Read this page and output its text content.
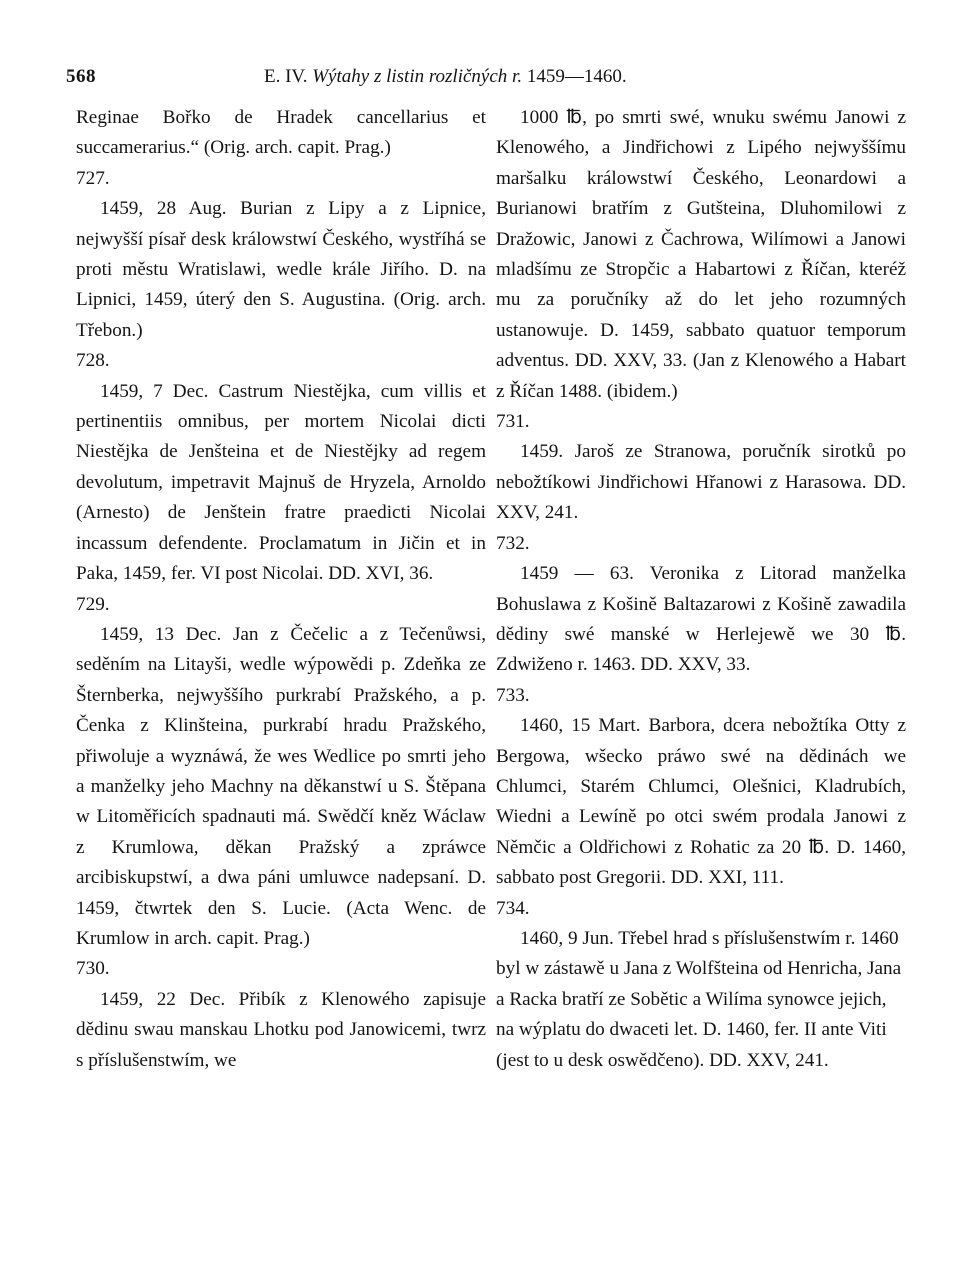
568	E. IV. Wýtahy z listin rozličných r. 1459—1460.

Reginae Bořko de Hradek cancellarius et succamerarius.“ (Orig. arch. capit. Prag.)

727.

1459, 28 Aug. Burian z Lipy a z Lipnice, nejwyšší písař desk králowstwí Českého, wystříhá se proti městu Wratislawi, wedle krále Jiřího. D. na Lipnici, 1459, úterý den S. Augustina. (Orig. arch. Třebon.)

728.

1459, 7 Dec. Castrum Niestějka, cum villis et pertinentiis omnibus, per mortem Nicolai dicti Niestějka de Jenšteina et de Niestějky ad regem devolutum, impetravit Majnuš de Hryzela, Arnoldo (Arnesto) de Jenštein fratre praedicti Nicolai incassum defendente. Proclamatum in Jičin et in Paka, 1459, fer. VI post Nicolai. DD. XVI, 36.

729.

1459, 13 Dec. Jan z Čečelic a z Tečenůwsi, seděním na Litayši, wedle wýpowědi p. Zdeňka ze Šternberka, nejwyššího purkrabí Pražského, a p. Čenka z Klinšteina, purkrabí hradu Pražského, přiwoluje a wyznáwá, že wes Wedlice po smrti jeho a manželky jeho Machny na děkanstwí u S. Štěpana w Litoměřicích spadnauti má. Swědčí kněz Wáclaw z Krumlowa, děkan Pražský a zpráwce arcibiskupstwí, a dwa páni umluwce nadepsaní. D. 1459, čtwrtek den S. Lucie. (Acta Wenc. de Krumlow in arch. capit. Prag.)

730.

1459, 22 Dec. Přibík z Klenowého zapisuje dědinu swau manskau Lhotku pod Janowicemi, twrz s příslušenstwím, we

1000 ℔, po smrti swé, wnuku swému Janowi z Klenowého, a Jindřichowi z Lipého nejwyššímu maršalku králowstwí Českého, Leonardowi a Burianowi bratřím z Gutšteina, Dluhomilowi z Dražowic, Janowi z Čachrowa, Wilímowi a Janowi mladšímu ze Stropčic a Habartowi z Říčan, kteréž mu za poručníky až do let jeho rozumných ustanowuje. D. 1459, sabbato quatuor temporum adventus. DD. XXV, 33. (Jan z Klenowého a Habart z Říčan 1488. (ibidem.)

731.

1459. Jaroš ze Stranowa, poručník sirotků po nebožtíkowi Jindřichowi Hřanowi z Harasowa. DD. XXV, 241.

732.

1459 — 63. Veronika z Litorad manželka Bohuslawa z Košině Baltazarowi z Košině zawadila dědiny swé manské w Herlejewě we 30 ℔. Zdwiženo r. 1463. DD. XXV, 33.

733.

1460, 15 Mart. Barbora, dcera nebožtíka Otty z Bergowa, wšecko práwo swé na dědinách we Chlumci, Starém Chlumci, Olešnici, Kladrubích, Wiedni a Lewíně po otci swém prodala Janowi z Němčic a Oldřichowi z Rohatic za 20 ℔. D. 1460, sabbato post Gregorii. DD. XXI, 111.

734.

1460, 9 Jun. Třebel hrad s příslušenstwím r. 1460 byl w zástawě u Jana z Wolfšteina od Henricha, Jana a Racka bratří ze Sobětic a Wilíma synowce jejich, na wýplatu do dwaceti let. D. 1460, fer. II ante Viti (jest to u desk oswědčeno). DD. XXV, 241.
